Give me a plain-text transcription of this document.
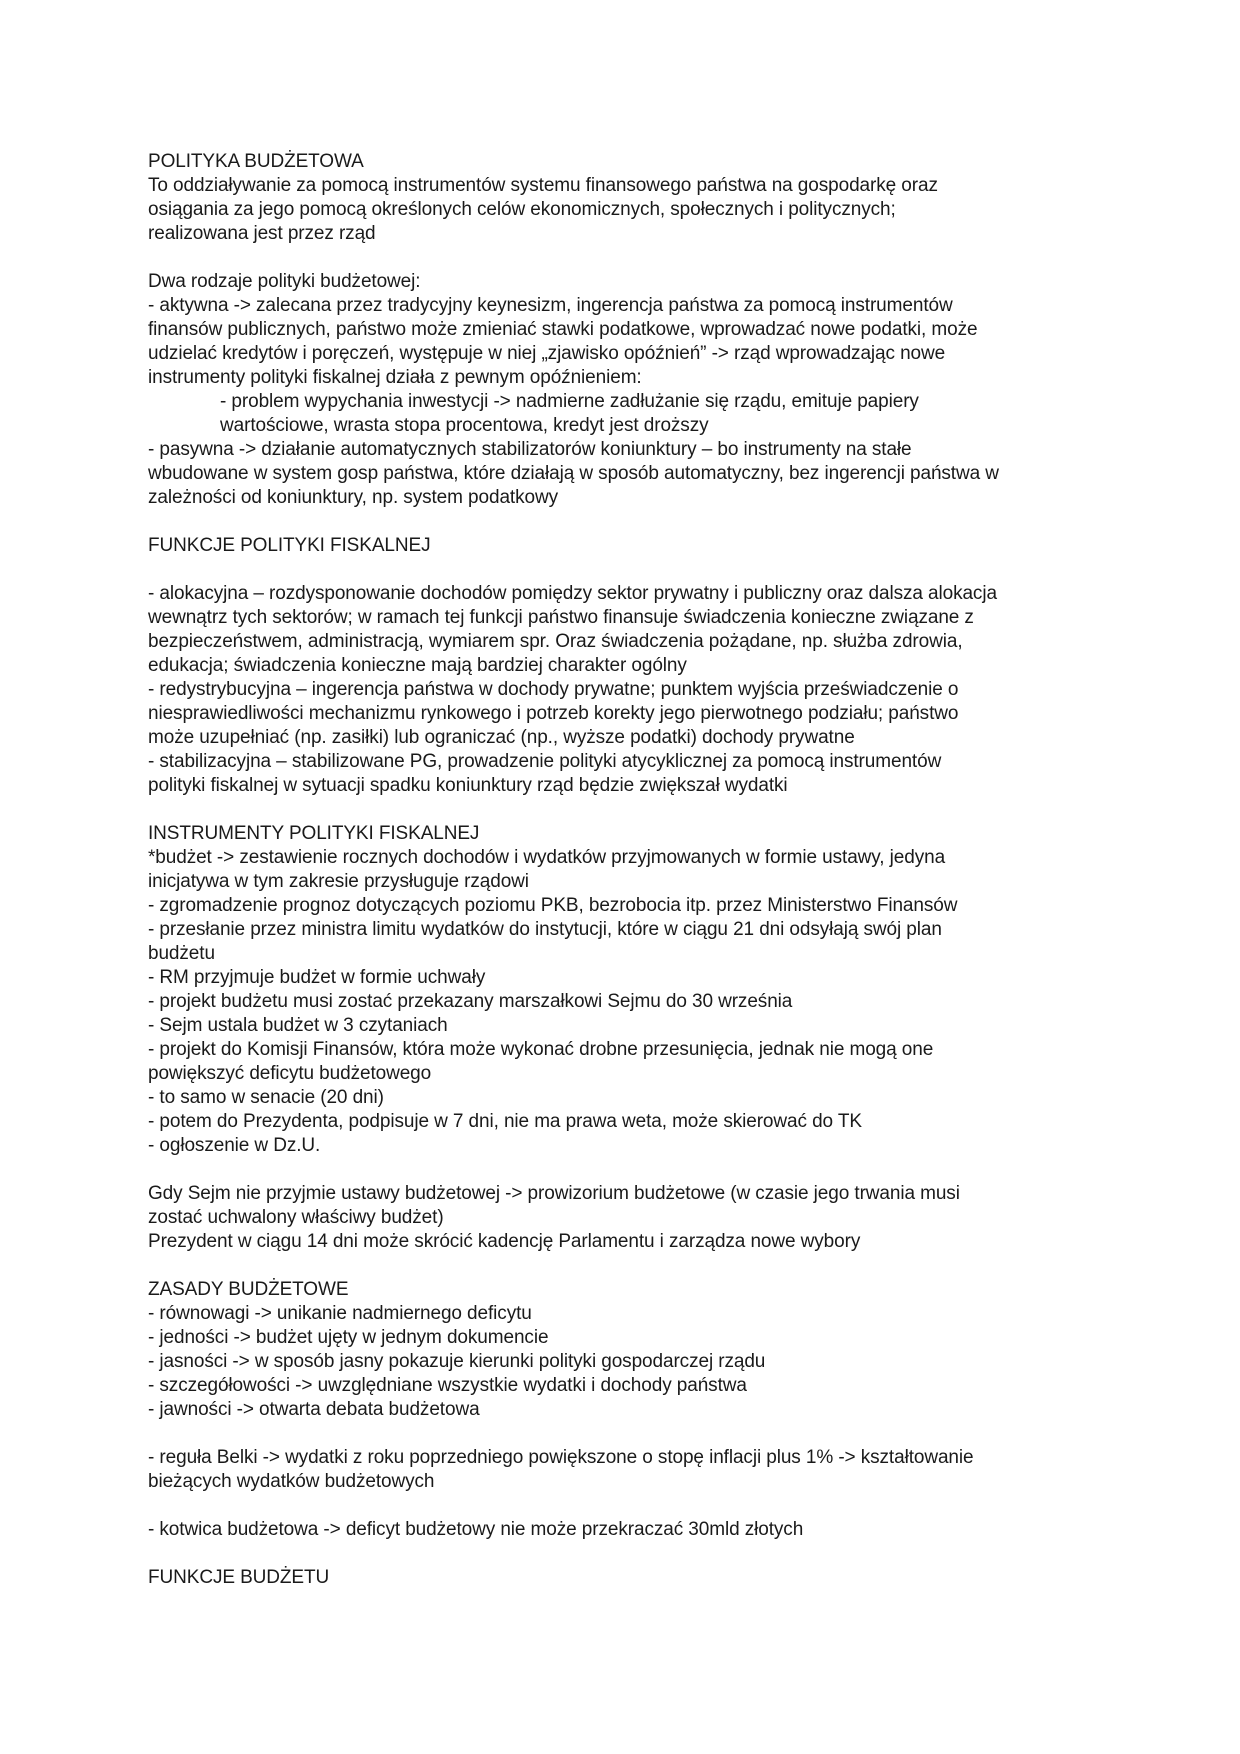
POLITYKA BUDŻETOWA
To oddziaływanie za pomocą instrumentów systemu finansowego państwa na gospodarkę oraz
osiągania za jego pomocą określonych celów ekonomicznych, społecznych i politycznych;
realizowana jest przez rząd
Dwa rodzaje polityki budżetowej:
- aktywna -> zalecana przez tradycyjny keynesizm, ingerencja państwa za pomocą instrumentów
finansów publicznych, państwo może zmieniać stawki podatkowe, wprowadzać nowe podatki, może
udzielać kredytów i poręczeń, występuje w niej „zjawisko opóźnień” -> rząd wprowadzając nowe
instrumenty polityki fiskalnej działa z pewnym opóźnieniem:
- problem wypychania inwestycji -> nadmierne zadłużanie się rządu, emituje papiery
wartościowe, wrasta stopa procentowa, kredyt jest droższy
- pasywna -> działanie automatycznych stabilizatorów koniunktury – bo instrumenty na stałe
wbudowane w system gosp państwa, które działają w sposób automatyczny, bez ingerencji państwa w
zależności od koniunktury, np. system podatkowy
FUNKCJE POLITYKI FISKALNEJ
- alokacyjna – rozdysponowanie dochodów pomiędzy sektor prywatny i publiczny oraz dalsza alokacja
wewnątrz tych sektorów; w ramach tej funkcji państwo finansuje świadczenia konieczne związane z
bezpieczeństwem, administracją, wymiarem spr. Oraz świadczenia pożądane, np. służba zdrowia,
edukacja; świadczenia konieczne mają bardziej charakter ogólny
- redystrybucyjna – ingerencja państwa w dochody prywatne; punktem wyjścia przeświadczenie o
niesprawiedliwości mechanizmu rynkowego i potrzeb korekty jego pierwotnego podziału; państwo
może uzupełniać (np. zasiłki) lub ograniczać (np., wyższe podatki) dochody prywatne
- stabilizacyjna – stabilizowane PG, prowadzenie polityki atycyklicznej za pomocą instrumentów
polityki fiskalnej w sytuacji spadku koniunktury rząd będzie zwiększał wydatki
INSTRUMENTY POLITYKI FISKALNEJ
*budżet -> zestawienie rocznych dochodów i wydatków przyjmowanych w formie ustawy, jedyna
inicjatywa w tym zakresie przysługuje rządowi
- zgromadzenie prognoz dotyczących poziomu PKB, bezrobocia itp. przez Ministerstwo Finansów
- przesłanie przez ministra limitu wydatków do instytucji, które w ciągu 21 dni odsyłają swój plan
budżetu
- RM przyjmuje budżet w formie uchwały
- projekt budżetu musi zostać przekazany marszałkowi Sejmu do 30 września
- Sejm ustala budżet w 3 czytaniach
- projekt do Komisji Finansów, która może wykonać drobne przesunięcia, jednak nie mogą one
powiększyć deficytu budżetowego
- to samo w senacie (20 dni)
- potem do Prezydenta, podpisuje w 7 dni, nie ma prawa weta, może skierować do TK
- ogłoszenie w Dz.U.
Gdy Sejm nie przyjmie ustawy budżetowej -> prowizorium budżetowe (w czasie jego trwania musi
zostać uchwalony właściwy budżet)
Prezydent w ciągu 14 dni może skrócić kadencję Parlamentu i zarządza nowe wybory
ZASADY BUDŻETOWE
- równowagi -> unikanie nadmiernego deficytu
- jedności -> budżet ujęty w jednym dokumencie
- jasności -> w sposób jasny pokazuje kierunki polityki gospodarczej rządu
- szczegółowości -> uwzględniane wszystkie wydatki i dochody państwa
- jawności -> otwarta debata budżetowa
- reguła Belki -> wydatki z roku poprzedniego powiększone o stopę inflacji plus 1% -> kształtowanie
bieżących wydatków budżetowych
- kotwica budżetowa -> deficyt budżetowy nie może przekraczać 30mld złotych
FUNKCJE BUDŻETU
